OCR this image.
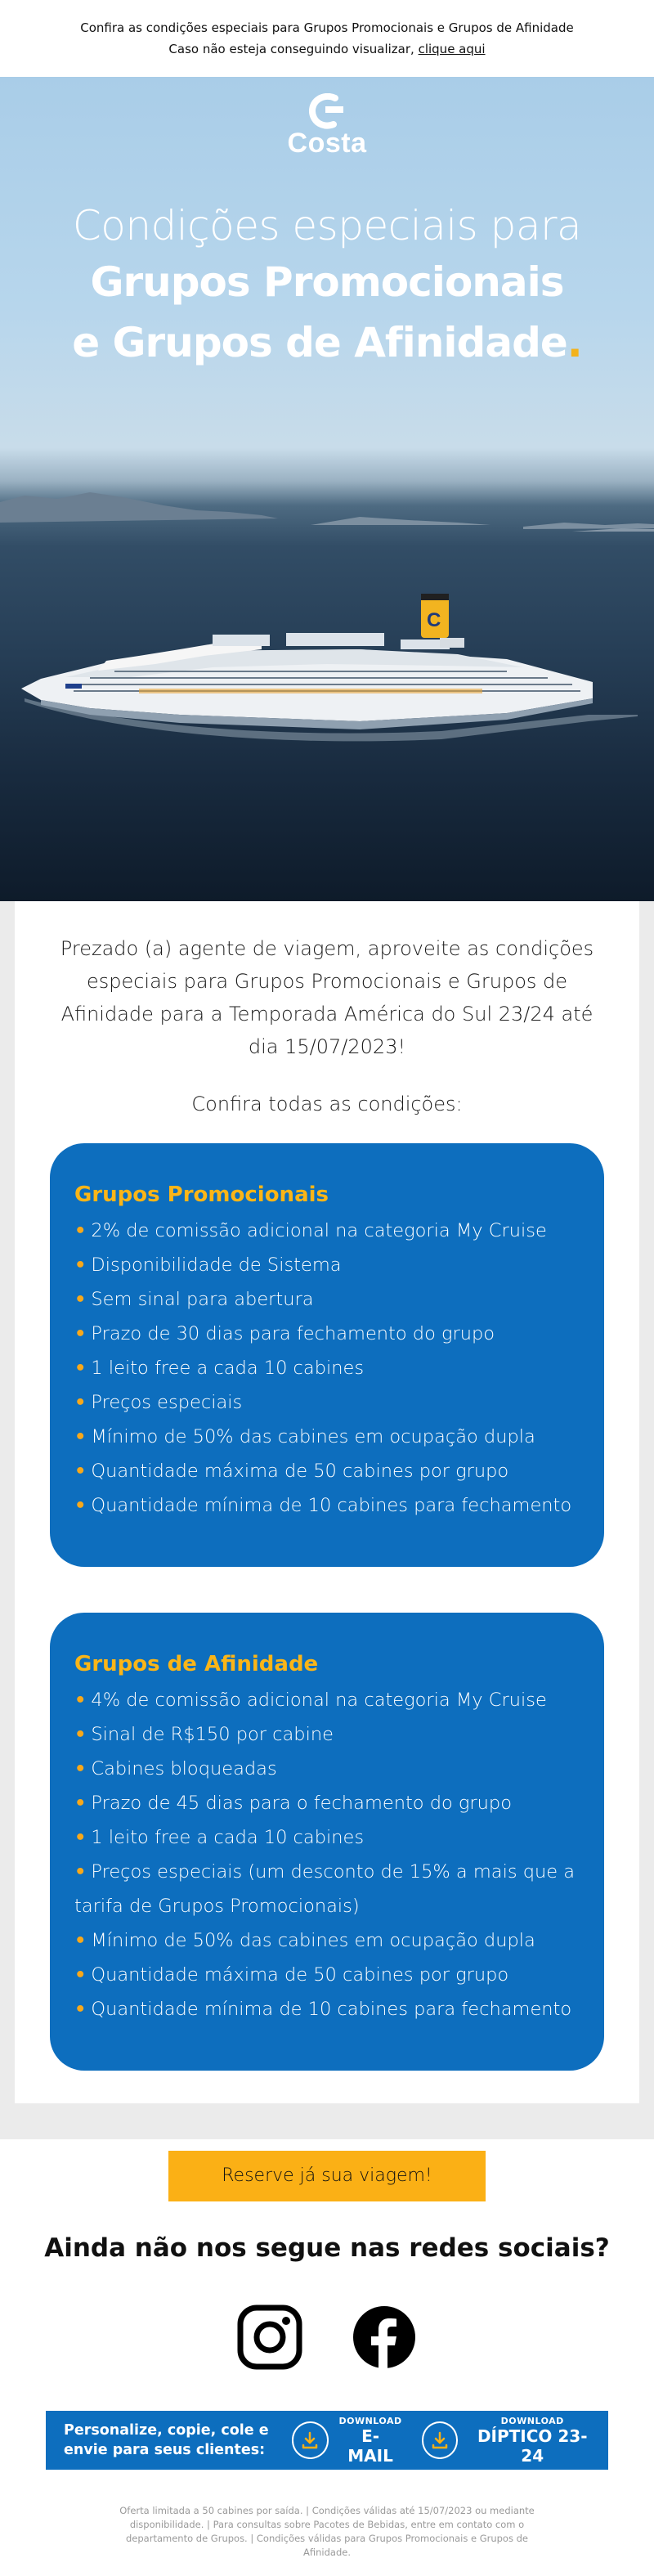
Confira as condições especiais para Grupos Promocionais e Grupos de Afinidade
Caso não esteja conseguindo visualizar, clique aqui
Costa
Condições especiais para
Grupos Promocionais
e Grupos de Afinidade.
C

Prezado (a) agente de viagem, aproveite as condições especiais para Grupos Promocionais e Grupos de Afinidade para a Temporada América do Sul 23/24 até dia 15/07/2023!

Confira todas as condições:

Grupos Promocionais
• 2% de comissão adicional na categoria My Cruise
• Disponibilidade de Sistema
• Sem sinal para abertura
• Prazo de 30 dias para fechamento do grupo
• 1 leito free a cada 10 cabines
• Preços especiais
• Mínimo de 50% das cabines em ocupação dupla
• Quantidade máxima de 50 cabines por grupo
• Quantidade mínima de 10 cabines para fechamento
Grupos de Afinidade
• 4% de comissão adicional na categoria My Cruise
• Sinal de R$150 por cabine
• Cabines bloqueadas
• Prazo de 45 dias para o fechamento do grupo
• 1 leito free a cada 10 cabines
• Preços especiais (um desconto de 15% a mais que a tarifa de Grupos Promocionais)
• Mínimo de 50% das cabines em ocupação dupla
• Quantidade máxima de 50 cabines por grupo
• Quantidade mínima de 10 cabines para fechamento
Reserve já sua viagem!
Ainda não nos segue nas redes sociais?
Personalize, copie, cole e envie para seus clientes:
DOWNLOAD
E-MAIL
DOWNLOAD
DÍPTICO 23-24

Oferta limitada a 50 cabines por saída. | Condições válidas até 15/07/2023 ou mediante disponibilidade. | Para consultas sobre Pacotes de Bebidas, entre em contato com o departamento de Grupos. | Condições válidas para Grupos Promocionais e Grupos de Afinidade.
